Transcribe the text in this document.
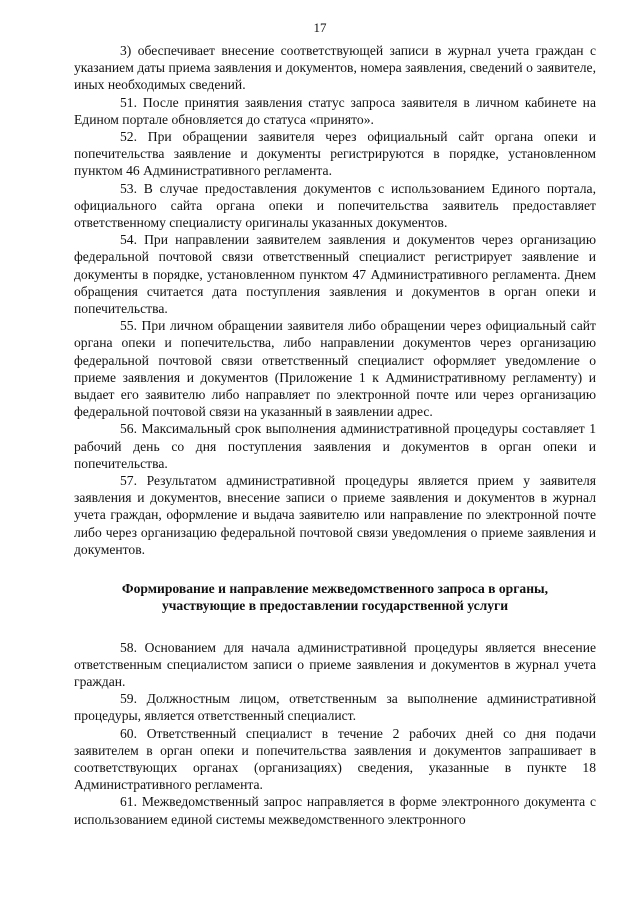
17

3) обеспечивает внесение соответствующей записи в журнал учета граждан с указанием даты приема заявления и документов, номера заявления, сведений о заявителе, иных необходимых сведений.

51. После принятия заявления статус запроса заявителя в личном кабинете на Едином портале обновляется до статуса «принято».

52. При обращении заявителя через официальный сайт органа опеки и попечительства заявление и документы регистрируются в порядке, установленном пунктом 46 Административного регламента.

53. В случае предоставления документов с использованием Единого портала, официального сайта органа опеки и попечительства заявитель предоставляет ответственному специалисту оригиналы указанных документов.

54. При направлении заявителем заявления и документов через организацию федеральной почтовой связи ответственный специалист регистрирует заявление и документы в порядке, установленном пунктом 47 Административного регламента. Днем обращения считается дата поступления заявления и документов в орган опеки и попечительства.

55. При личном обращении заявителя либо обращении через официальный сайт органа опеки и попечительства, либо направлении документов через организацию федеральной почтовой связи ответственный специалист оформляет уведомление о приеме заявления и документов (Приложение 1 к Административному регламенту) и выдает его заявителю либо направляет по электронной почте или через организацию федеральной почтовой связи на указанный в заявлении адрес.

56. Максимальный срок выполнения административной процедуры составляет 1 рабочий день со дня поступления заявления и документов в орган опеки и попечительства.

57. Результатом административной процедуры является прием у заявителя заявления и документов, внесение записи о приеме заявления и документов в журнал учета граждан, оформление и выдача заявителю или направление по электронной почте либо через организацию федеральной почтовой связи уведомления о приеме заявления и документов.

Формирование и направление межведомственного запроса в органы, участвующие в предоставлении государственной услуги

58. Основанием для начала административной процедуры является внесение ответственным специалистом записи о приеме заявления и документов в журнал учета граждан.

59. Должностным лицом, ответственным за выполнение административной процедуры, является ответственный специалист.

60. Ответственный специалист в течение 2 рабочих дней со дня подачи заявителем в орган опеки и попечительства заявления и документов запрашивает в соответствующих органах (организациях) сведения, указанные в пункте 18 Административного регламента.

61. Межведомственный запрос направляется в форме электронного документа с использованием единой системы межведомственного электронного
